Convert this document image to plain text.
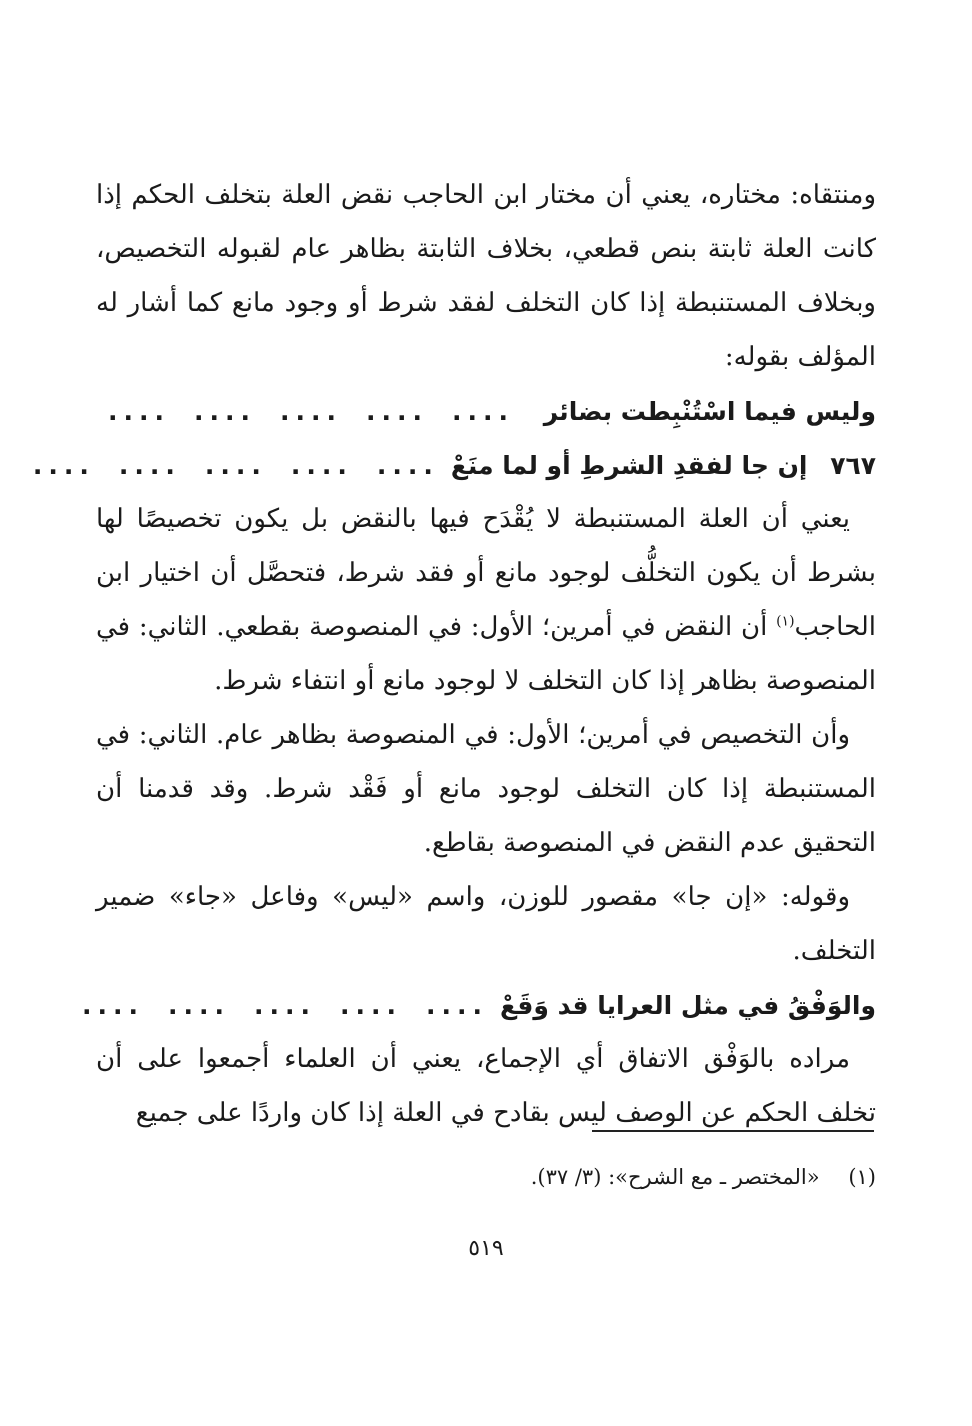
ومنتقاه: مختاره، يعني أن مختار ابن الحاجب نقض العلة بتخلف الحكم إذا كانت العلة ثابتة بنص قطعي، بخلاف الثابتة بظاهر عام لقبوله التخصيص، وبخلاف المستنبطة إذا كان التخلف لفقد شرط أو وجود مانع كما أشار له المؤلف بقوله:

وليس فيما اسْتُنْبِطت بضائر
....................
٧٦٧ إن جا لفقدِ الشرطِ أو لما منَعْ
....................

يعني أن العلة المستنبطة لا يُقْدَح فيها بالنقض بل يكون تخصيصًا لها بشرط أن يكون التخلُّف لوجود مانع أو فقد شرط، فتحصَّل أن اختيار ابن الحاجب$^{(١)}$ أن النقض في أمرين؛ الأول: في المنصوصة بقطعي. الثاني: في المنصوصة بظاهر إذا كان التخلف لا لوجود مانع أو انتفاء شرط.

وأن التخصيص في أمرين؛ الأول: في المنصوصة بظاهر عام. الثاني: في المستنبطة إذا كان التخلف لوجود مانع أو فَقْد شرط. وقد قدمنا أن التحقيق عدم النقض في المنصوصة بقاطع.

وقوله: «إن جا» مقصور للوزن، واسم «ليس» وفاعل «جاء» ضمير التخلف.

....................	والوَفْقُ في مثل العرايا قد وَقَعْ

مراده بالوَفْق الاتفاق أي الإجماع، يعني أن العلماء أجمعوا على أن تخلف الحكم عن الوصف ليس بقادح في العلة إذا كان واردًا على جميع

(١) «المختصر ـ مع الشرح»: (٣/ ٣٧).
٥١٩
